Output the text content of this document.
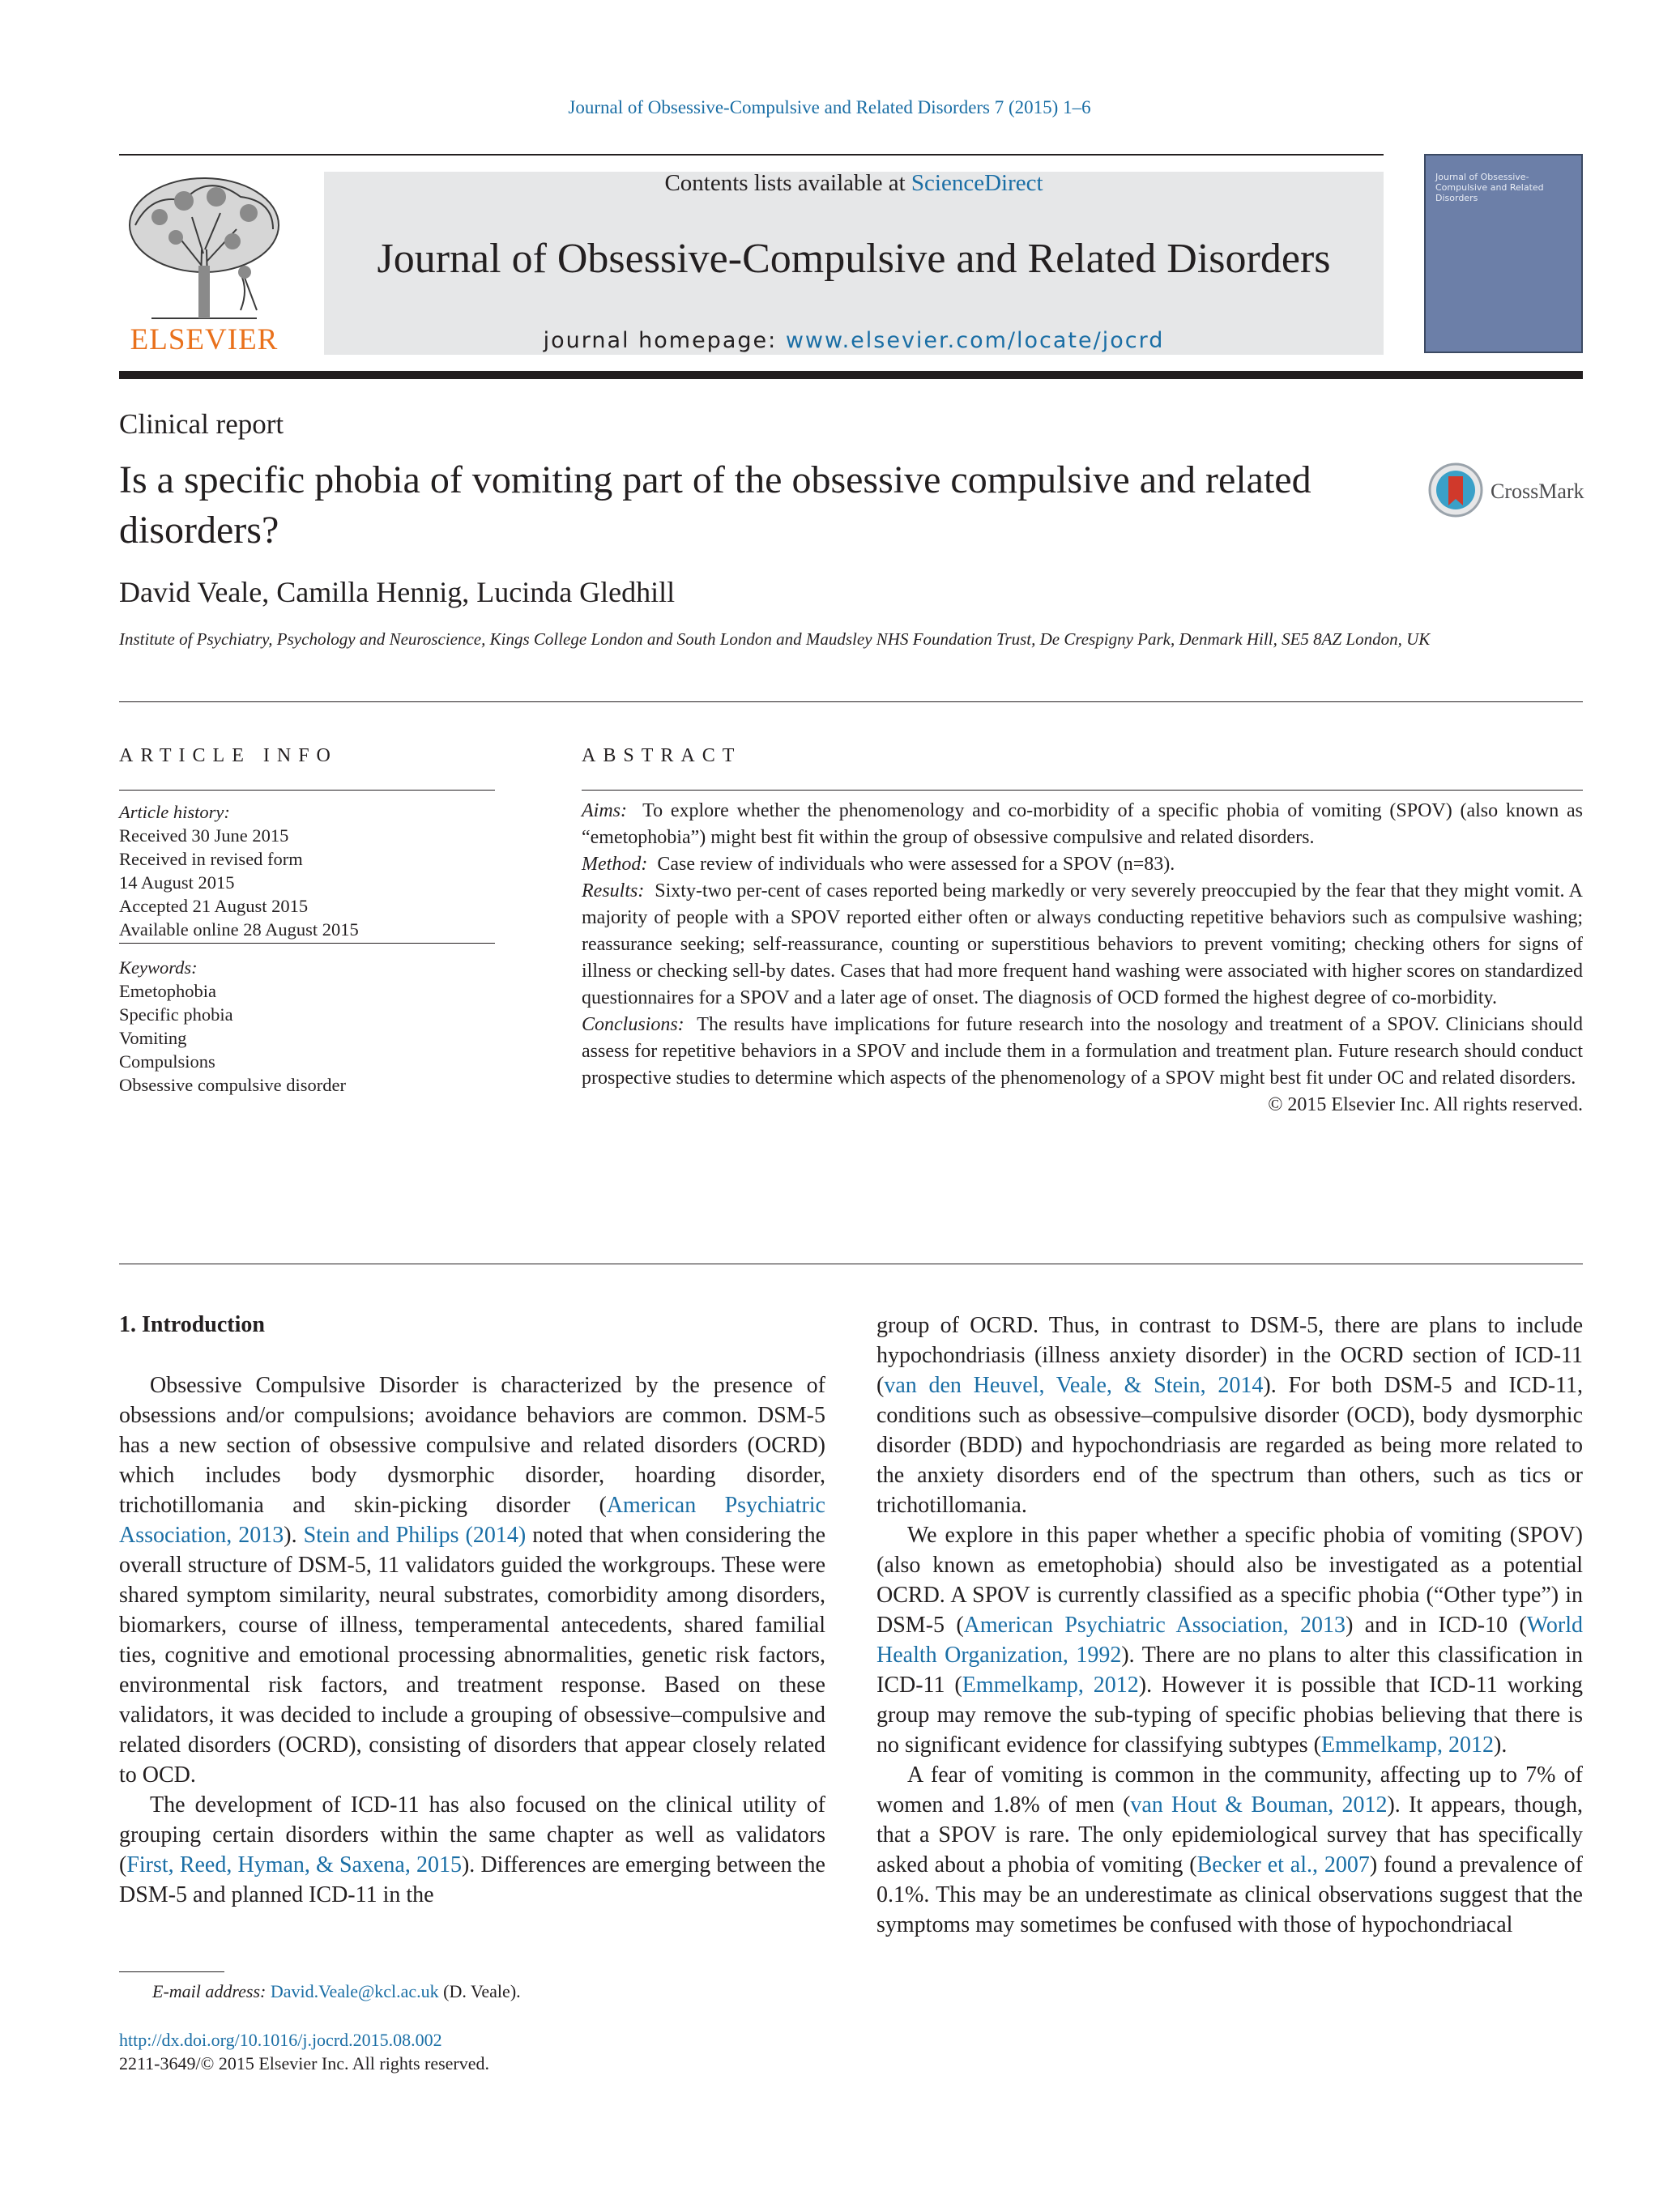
Journal of Obsessive-Compulsive and Related Disorders 7 (2015) 1–6
ELSEVIER
Contents lists available at ScienceDirect
Journal of Obsessive-Compulsive and Related Disorders
journal homepage: www.elsevier.com/locate/jocrd
Journal of Obsessive-Compulsive and Related Disorders
Clinical report
Is a specific phobia of vomiting part of the obsessive compulsive and related disorders?
CrossMark
David Veale, Camilla Hennig, Lucinda Gledhill
Institute of Psychiatry, Psychology and Neuroscience, Kings College London and South London and Maudsley NHS Foundation Trust, De Crespigny Park, Denmark Hill, SE5 8AZ London, UK
ARTICLE INFO
Article history:
Received 30 June 2015
Received in revised form
14 August 2015
Accepted 21 August 2015
Available online 28 August 2015
Keywords:
Emetophobia
Specific phobia
Vomiting
Compulsions
Obsessive compulsive disorder
ABSTRACT

Aims: To explore whether the phenomenology and co-morbidity of a specific phobia of vomiting (SPOV) (also known as “emetophobia”) might best fit within the group of obsessive compulsive and related disorders.

Method: Case review of individuals who were assessed for a SPOV (n=83).

Results: Sixty-two per-cent of cases reported being markedly or very severely preoccupied by the fear that they might vomit. A majority of people with a SPOV reported either often or always conducting repetitive behaviors such as compulsive washing; reassurance seeking; self-reassurance, counting or superstitious behaviors to prevent vomiting; checking others for signs of illness or checking sell-by dates. Cases that had more frequent hand washing were associated with higher scores on standardized questionnaires for a SPOV and a later age of onset. The diagnosis of OCD formed the highest degree of co-morbidity.

Conclusions: The results have implications for future research into the nosology and treatment of a SPOV. Clinicians should assess for repetitive behaviors in a SPOV and include them in a formulation and treatment plan. Future research should conduct prospective studies to determine which aspects of the phenomenology of a SPOV might best fit under OC and related disorders.

© 2015 Elsevier Inc. All rights reserved.

1. Introduction

Obsessive Compulsive Disorder is characterized by the presence of obsessions and/or compulsions; avoidance behaviors are common. DSM-5 has a new section of obsessive compulsive and related disorders (OCRD) which includes body dysmorphic disorder, hoarding disorder, trichotillomania and skin-picking disorder (American Psychiatric Association, 2013). Stein and Philips (2014) noted that when considering the overall structure of DSM-5, 11 validators guided the workgroups. These were shared symptom similarity, neural substrates, comorbidity among disorders, biomarkers, course of illness, temperamental antecedents, shared familial ties, cognitive and emotional processing abnormalities, genetic risk factors, environmental risk factors, and treatment response. Based on these validators, it was decided to include a grouping of obsessive–compulsive and related disorders (OCRD), consisting of disorders that appear closely related to OCD.

The development of ICD-11 has also focused on the clinical utility of grouping certain disorders within the same chapter as well as validators (First, Reed, Hyman, & Saxena, 2015). Differences are emerging between the DSM-5 and planned ICD-11 in the

group of OCRD. Thus, in contrast to DSM-5, there are plans to include hypochondriasis (illness anxiety disorder) in the OCRD section of ICD-11 (van den Heuvel, Veale, & Stein, 2014). For both DSM-5 and ICD-11, conditions such as obsessive–compulsive disorder (OCD), body dysmorphic disorder (BDD) and hypochondriasis are regarded as being more related to the anxiety disorders end of the spectrum than others, such as tics or trichotillomania.

We explore in this paper whether a specific phobia of vomiting (SPOV) (also known as emetophobia) should also be investigated as a potential OCRD. A SPOV is currently classified as a specific phobia (“Other type”) in DSM-5 (American Psychiatric Association, 2013) and in ICD-10 (World Health Organization, 1992). There are no plans to alter this classification in ICD-11 (Emmelkamp, 2012). However it is possible that ICD-11 working group may remove the sub-typing of specific phobias believing that there is no significant evidence for classifying subtypes (Emmelkamp, 2012).

A fear of vomiting is common in the community, affecting up to 7% of women and 1.8% of men (van Hout & Bouman, 2012). It appears, though, that a SPOV is rare. The only epidemiological survey that has specifically asked about a phobia of vomiting (Becker et al., 2007) found a prevalence of 0.1%. This may be an underestimate as clinical observations suggest that the symptoms may sometimes be confused with those of hypochondriacal

E-mail address: David.Veale@kcl.ac.uk (D. Veale).
http://dx.doi.org/10.1016/j.jocrd.2015.08.002
2211-3649/© 2015 Elsevier Inc. All rights reserved.
